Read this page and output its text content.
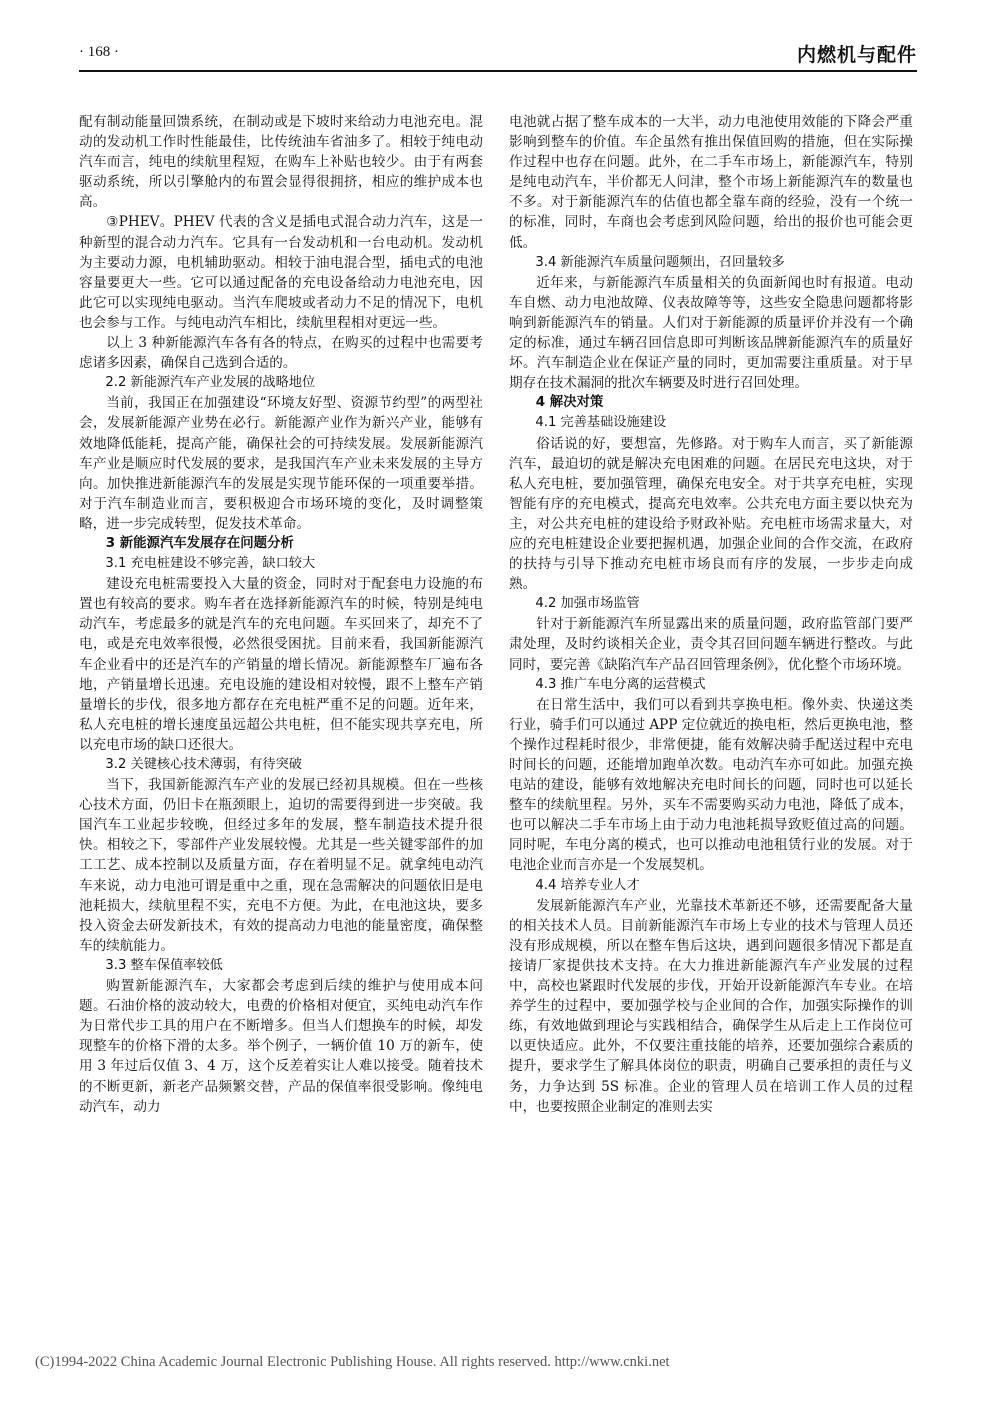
· 168 ·	内燃机与配件

配有制动能量回馈系统，在制动或是下坡时来给动力电池充电。混动的发动机工作时性能最佳，比传统油车省油多了。相较于纯电动汽车而言，纯电的续航里程短，在购车上补贴也较少。由于有两套驱动系统，所以引擎舱内的布置会显得很拥挤，相应的维护成本也高。

③PHEV。PHEV 代表的含义是插电式混合动力汽车，这是一种新型的混合动力汽车。它具有一台发动机和一台电动机。发动机为主要动力源，电机辅助驱动。相较于油电混合型，插电式的电池容量要更大一些。它可以通过配备的充电设备给动力电池充电，因此它可以实现纯电驱动。当汽车爬坡或者动力不足的情况下，电机也会参与工作。与纯电动汽车相比，续航里程相对更远一些。

以上 3 种新能源汽车各有各的特点，在购买的过程中也需要考虑诸多因素，确保自己选到合适的。

2.2 新能源汽车产业发展的战略地位

当前，我国正在加强建设“环境友好型、资源节约型”的两型社会，发展新能源产业势在必行。新能源产业作为新兴产业，能够有效地降低能耗，提高产能，确保社会的可持续发展。发展新能源汽车产业是顺应时代发展的要求，是我国汽车产业未来发展的主导方向。加快推进新能源汽车的发展是实现节能环保的一项重要举措。对于汽车制造业而言，要积极迎合市场环境的变化，及时调整策略，进一步完成转型，促发技术革命。

3 新能源汽车发展存在问题分析
3.1 充电桩建设不够完善，缺口较大

建设充电桩需要投入大量的资金，同时对于配套电力设施的布置也有较高的要求。购车者在选择新能源汽车的时候，特别是纯电动汽车，考虑最多的就是汽车的充电问题。车买回来了，却充不了电，或是充电效率很慢，必然很受困扰。目前来看，我国新能源汽车企业看中的还是汽车的产销量的增长情况。新能源整车厂遍布各地，产销量增长迅速。充电设施的建设相对较慢，跟不上整车产销量增长的步伐，很多地方都存在充电桩严重不足的问题。近年来，私人充电桩的增长速度虽远超公共电桩，但不能实现共享充电，所以充电市场的缺口还很大。

3.2 关键核心技术薄弱，有待突破

当下，我国新能源汽车产业的发展已经初具规模。但在一些核心技术方面，仍旧卡在瓶颈眼上，迫切的需要得到进一步突破。我国汽车工业起步较晚，但经过多年的发展，整车制造技术提升很快。相较之下，零部件产业发展较慢。尤其是一些关键零部件的加工工艺、成本控制以及质量方面，存在着明显不足。就拿纯电动汽车来说，动力电池可谓是重中之重，现在急需解决的问题依旧是电池耗损大，续航里程不实，充电不方便。为此，在电池这块，要多投入资金去研发新技术，有效的提高动力电池的能量密度，确保整车的续航能力。

3.3 整车保值率较低

购置新能源汽车，大家都会考虑到后续的维护与使用成本问题。石油价格的波动较大，电费的价格相对便宜，买纯电动汽车作为日常代步工具的用户在不断增多。但当人们想换车的时候，却发现整车的价格下滑的太多。举个例子，一辆价值 10 万的新车，使用 3 年过后仅值 3、4 万，这个反差着实让人难以接受。随着技术的不断更新，新老产品频繁交替，产品的保值率很受影响。像纯电动汽车，动力

电池就占据了整车成本的一大半，动力电池使用效能的下降会严重影响到整车的价值。车企虽然有推出保值回购的措施，但在实际操作过程中也存在问题。此外，在二手车市场上，新能源汽车，特别是纯电动汽车，半价都无人问津，整个市场上新能源汽车的数量也不多。对于新能源汽车的估值也都全靠车商的经验，没有一个统一的标准，同时，车商也会考虑到风险问题，给出的报价也可能会更低。

3.4 新能源汽车质量问题频出，召回量较多

近年来，与新能源汽车质量相关的负面新闻也时有报道。电动车自燃、动力电池故障、仪表故障等等，这些安全隐患问题都将影响到新能源汽车的销量。人们对于新能源的质量评价并没有一个确定的标准，通过车辆召回信息即可判断该品牌新能源汽车的质量好坏。汽车制造企业在保证产量的同时，更加需要注重质量。对于早期存在技术漏洞的批次车辆要及时进行召回处理。

4 解决对策
4.1 完善基础设施建设

俗话说的好，要想富，先修路。对于购车人而言，买了新能源汽车，最迫切的就是解决充电困难的问题。在居民充电这块，对于私人充电桩，要加强管理，确保充电安全。对于共享充电桩，实现智能有序的充电模式，提高充电效率。公共充电方面主要以快充为主，对公共充电桩的建设给予财政补贴。充电桩市场需求量大，对应的充电桩建设企业要把握机遇，加强企业间的合作交流，在政府的扶持与引导下推动充电桩市场良而有序的发展，一步步走向成熟。

4.2 加强市场监管

针对于新能源汽车所显露出来的质量问题，政府监管部门要严肃处理，及时约谈相关企业，责令其召回问题车辆进行整改。与此同时，要完善《缺陷汽车产品召回管理条例》，优化整个市场环境。

4.3 推广车电分离的运营模式

在日常生活中，我们可以看到共享换电柜。像外卖、快递这类行业，骑手们可以通过 APP 定位就近的换电柜，然后更换电池，整个操作过程耗时很少，非常便捷，能有效解决骑手配送过程中充电时间长的问题，还能增加跑单次数。电动汽车亦可如此。加强充换电站的建设，能够有效地解决充电时间长的问题，同时也可以延长整车的续航里程。另外，买车不需要购买动力电池，降低了成本，也可以解决二手车市场上由于动力电池耗损导致贬值过高的问题。同时呢，车电分离的模式，也可以推动电池租赁行业的发展。对于电池企业而言亦是一个发展契机。

4.4 培养专业人才

发展新能源汽车产业，光靠技术革新还不够，还需要配备大量的相关技术人员。目前新能源汽车市场上专业的技术与管理人员还没有形成规模，所以在整车售后这块，遇到问题很多情况下都是直接请厂家提供技术支持。在大力推进新能源汽车产业发展的过程中，高校也紧跟时代发展的步伐，开始开设新能源汽车专业。在培养学生的过程中，要加强学校与企业间的合作，加强实际操作的训练，有效地做到理论与实践相结合，确保学生从后走上工作岗位可以更快适应。此外，不仅要注重技能的培养，还要加强综合素质的提升，要求学生了解具体岗位的职责，明确自己要承担的责任与义务，力争达到 5S 标准。企业的管理人员在培训工作人员的过程中，也要按照企业制定的准则去实

(C)1994-2022 China Academic Journal Electronic Publishing House. All rights reserved. http://www.cnki.net
